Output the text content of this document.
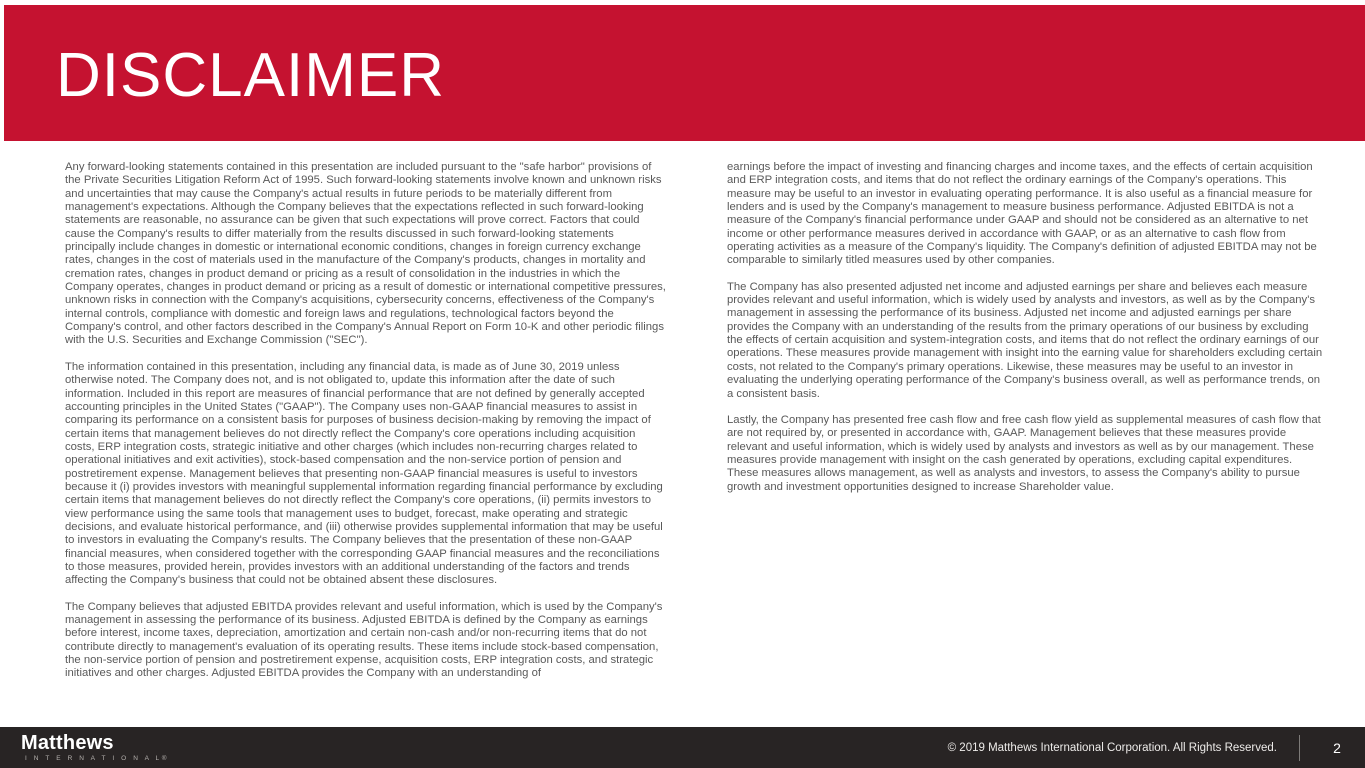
DISCLAIMER

Any forward-looking statements contained in this presentation are included pursuant to the "safe harbor" provisions of the Private Securities Litigation Reform Act of 1995. Such forward-looking statements involve known and unknown risks and uncertainties that may cause the Company's actual results in future periods to be materially different from management's expectations. Although the Company believes that the expectations reflected in such forward-looking statements are reasonable, no assurance can be given that such expectations will prove correct. Factors that could cause the Company's results to differ materially from the results discussed in such forward-looking statements principally include changes in domestic or international economic conditions, changes in foreign currency exchange rates, changes in the cost of materials used in the manufacture of the Company's products, changes in mortality and cremation rates, changes in product demand or pricing as a result of consolidation in the industries in which the Company operates, changes in product demand or pricing as a result of domestic or international competitive pressures, unknown risks in connection with the Company's acquisitions, cybersecurity concerns, effectiveness of the Company's internal controls, compliance with domestic and foreign laws and regulations, technological factors beyond the Company's control, and other factors described in the Company's Annual Report on Form 10-K and other periodic filings with the U.S. Securities and Exchange Commission ("SEC").

The information contained in this presentation, including any financial data, is made as of June 30, 2019 unless otherwise noted. The Company does not, and is not obligated to, update this information after the date of such information. Included in this report are measures of financial performance that are not defined by generally accepted accounting principles in the United States ("GAAP"). The Company uses non-GAAP financial measures to assist in comparing its performance on a consistent basis for purposes of business decision-making by removing the impact of certain items that management believes do not directly reflect the Company's core operations including acquisition costs, ERP integration costs, strategic initiative and other charges (which includes non-recurring charges related to operational initiatives and exit activities), stock-based compensation and the non-service portion of pension and postretirement expense. Management believes that presenting non-GAAP financial measures is useful to investors because it (i) provides investors with meaningful supplemental information regarding financial performance by excluding certain items that management believes do not directly reflect the Company's core operations, (ii) permits investors to view performance using the same tools that management uses to budget, forecast, make operating and strategic decisions, and evaluate historical performance, and (iii) otherwise provides supplemental information that may be useful to investors in evaluating the Company's results. The Company believes that the presentation of these non-GAAP financial measures, when considered together with the corresponding GAAP financial measures and the reconciliations to those measures, provided herein, provides investors with an additional understanding of the factors and trends affecting the Company's business that could not be obtained absent these disclosures.

The Company believes that adjusted EBITDA provides relevant and useful information, which is used by the Company's management in assessing the performance of its business. Adjusted EBITDA is defined by the Company as earnings before interest, income taxes, depreciation, amortization and certain non-cash and/or non-recurring items that do not contribute directly to management's evaluation of its operating results. These items include stock-based compensation, the non-service portion of pension and postretirement expense, acquisition costs, ERP integration costs, and strategic initiatives and other charges. Adjusted EBITDA provides the Company with an understanding of

earnings before the impact of investing and financing charges and income taxes, and the effects of certain acquisition and ERP integration costs, and items that do not reflect the ordinary earnings of the Company's operations. This measure may be useful to an investor in evaluating operating performance. It is also useful as a financial measure for lenders and is used by the Company's management to measure business performance. Adjusted EBITDA is not a measure of the Company's financial performance under GAAP and should not be considered as an alternative to net income or other performance measures derived in accordance with GAAP, or as an alternative to cash flow from operating activities as a measure of the Company's liquidity. The Company's definition of adjusted EBITDA may not be comparable to similarly titled measures used by other companies.

The Company has also presented adjusted net income and adjusted earnings per share and believes each measure provides relevant and useful information, which is widely used by analysts and investors, as well as by the Company's management in assessing the performance of its business. Adjusted net income and adjusted earnings per share provides the Company with an understanding of the results from the primary operations of our business by excluding the effects of certain acquisition and system-integration costs, and items that do not reflect the ordinary earnings of our operations. These measures provide management with insight into the earning value for shareholders excluding certain costs, not related to the Company's primary operations. Likewise, these measures may be useful to an investor in evaluating the underlying operating performance of the Company's business overall, as well as performance trends, on a consistent basis.

Lastly, the Company has presented free cash flow and free cash flow yield as supplemental measures of cash flow that are not required by, or presented in accordance with, GAAP. Management believes that these measures provide relevant and useful information, which is widely used by analysts and investors as well as by our management. These measures provide management with insight on the cash generated by operations, excluding capital expenditures. These measures allows management, as well as analysts and investors, to assess the Company's ability to pursue growth and investment opportunities designed to increase Shareholder value.

Matthews
I N T E R N A T I O N A L®
© 2019 Matthews International Corporation. All Rights Reserved.	2
